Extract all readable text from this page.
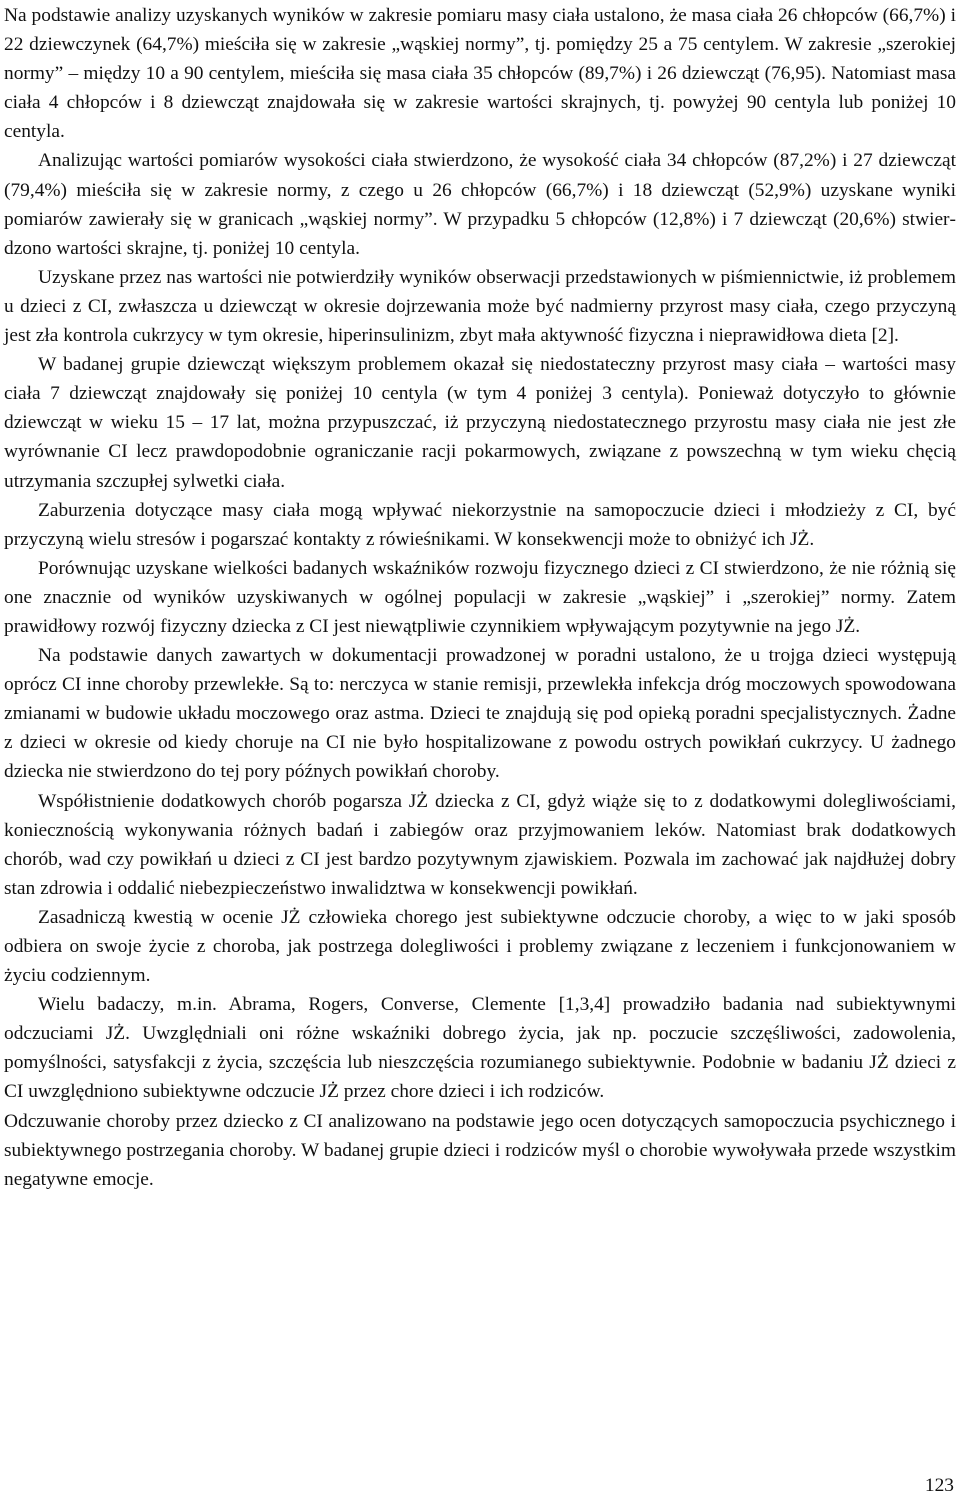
Na podstawie analizy uzyskanych wyników w zakresie pomiaru masy ciała ustalono, że masa ciała 26 chłopców (66,7%) i 22 dziewczynek (64,7%) mieściła się w zakresie „wąskiej normy”, tj. pomiędzy 25 a 75 centylem. W zakresie „szerokiej normy” – między 10 a 90 centylem, mieściła się masa ciała 35 chłopców (89,7%) i 26 dziewcząt (76,95). Natomiast masa ciała 4 chłopców i 8 dziewcząt znajdowała się w zakresie wartości skrajnych, tj. powyżej 90 centyla lub poniżej 10 centyla.

Analizując wartości pomiarów wysokości ciała stwierdzono, że wysokość ciała 34 chłopców (87,2%) i 27 dziewcząt (79,4%) mieściła się w zakresie normy, z czego u 26 chłopców (66,7%) i 18 dziewcząt (52,9%) uzyskane wyniki pomiarów zawierały się w granicach „wąskiej normy”. W przypadku 5 chłopców (12,8%) i 7 dziewcząt (20,6%) stwierdzono wartości skrajne, tj. poniżej 10 centyla.

Uzyskane przez nas wartości nie potwierdziły wyników obserwacji przedstawionych w piśmiennictwie, iż problemem u dzieci z CI, zwłaszcza u dziewcząt w okresie dojrzewania może być nadmierny przyrost masy ciała, czego przyczyną jest zła kontrola cukrzycy w tym okresie, hiperinsulinizm, zbyt mała aktywność fizyczna i nieprawidłowa dieta [2].

W badanej grupie dziewcząt większym problemem okazał się niedostateczny przyrost masy ciała – wartości masy ciała 7 dziewcząt znajdowały się poniżej 10 centyla (w tym 4 poniżej 3 centyla). Ponieważ dotyczyło to głównie dziewcząt w wieku 15 – 17 lat, można przypuszczać, iż przyczyną niedostatecznego przyrostu masy ciała nie jest złe wyrównanie CI lecz prawdopodobnie ograniczanie racji pokarmowych, związane z powszechną w tym wieku chęcią utrzymania szczupłej sylwetki ciała.

Zaburzenia dotyczące masy ciała mogą wpływać niekorzystnie na samopoczucie dzieci i młodzieży z CI, być przyczyną wielu stresów i pogarszać kontakty z rówieśnikami. W konsekwencji może to obniżyć ich JŻ.

Porównując uzyskane wielkości badanych wskaźników rozwoju fizycznego dzieci z CI stwierdzono, że nie różnią się one znacznie od wyników uzyskiwanych w ogólnej populacji w zakresie „wąskiej” i „szerokiej” normy. Zatem prawidłowy rozwój fizyczny dziecka z CI jest niewątpliwie czynnikiem wpływającym pozytywnie na jego JŻ.

Na podstawie danych zawartych w dokumentacji prowadzonej w poradni ustalono, że u trojga dzieci występują oprócz CI inne choroby przewlekłe. Są to: nerczyca w stanie remisji, przewlekła infekcja dróg moczowych spowodowana zmianami w budowie układu moczowego oraz astma. Dzieci te znajdują się pod opieką poradni specjalistycznych. Żadne z dzieci w okresie od kiedy choruje na CI nie było hospitalizowane z powodu ostrych powikłań cukrzycy. U żadnego dziecka nie stwierdzono do tej pory późnych powikłań choroby.

Współistnienie dodatkowych chorób pogarsza JŻ dziecka z CI, gdyż wiąże się to z dodatkowymi dolegliwościami, koniecznością wykonywania różnych badań i zabiegów oraz przyjmowaniem leków. Natomiast brak dodatkowych chorób, wad czy powikłań u dzieci z CI jest bardzo pozytywnym zjawiskiem. Pozwala im zachować jak najdłużej dobry stan zdrowia i oddalić niebezpieczeństwo inwalidztwa w konsekwencji powikłań.

Zasadniczą kwestią w ocenie JŻ człowieka chorego jest subiektywne odczucie choroby, a więc to w jaki sposób odbiera on swoje życie z choroba, jak postrzega dolegliwości i problemy związane z leczeniem i funkcjonowaniem w życiu codziennym.

Wielu badaczy, m.in. Abrama, Rogers, Converse, Clemente [1,3,4] prowadziło badania nad subiektywnymi odczuciami JŻ. Uwzględniali oni różne wskaźniki dobrego życia, jak np. poczucie szczęśliwości, zadowolenia, pomyślności, satysfakcji z życia, szczęścia lub nieszczęścia rozumianego subiektywnie. Podobnie w badaniu JŻ dzieci z CI uwzględniono subiektywne odczucie JŻ przez chore dzieci i ich rodziców.

Odczuwanie choroby przez dziecko z CI analizowano na podstawie jego ocen dotyczących samopoczucia psychicznego i subiektywnego postrzegania choroby. W badanej grupie dzieci i rodziców myśl o chorobie wywoływała przede wszystkim negatywne emocje.

123
